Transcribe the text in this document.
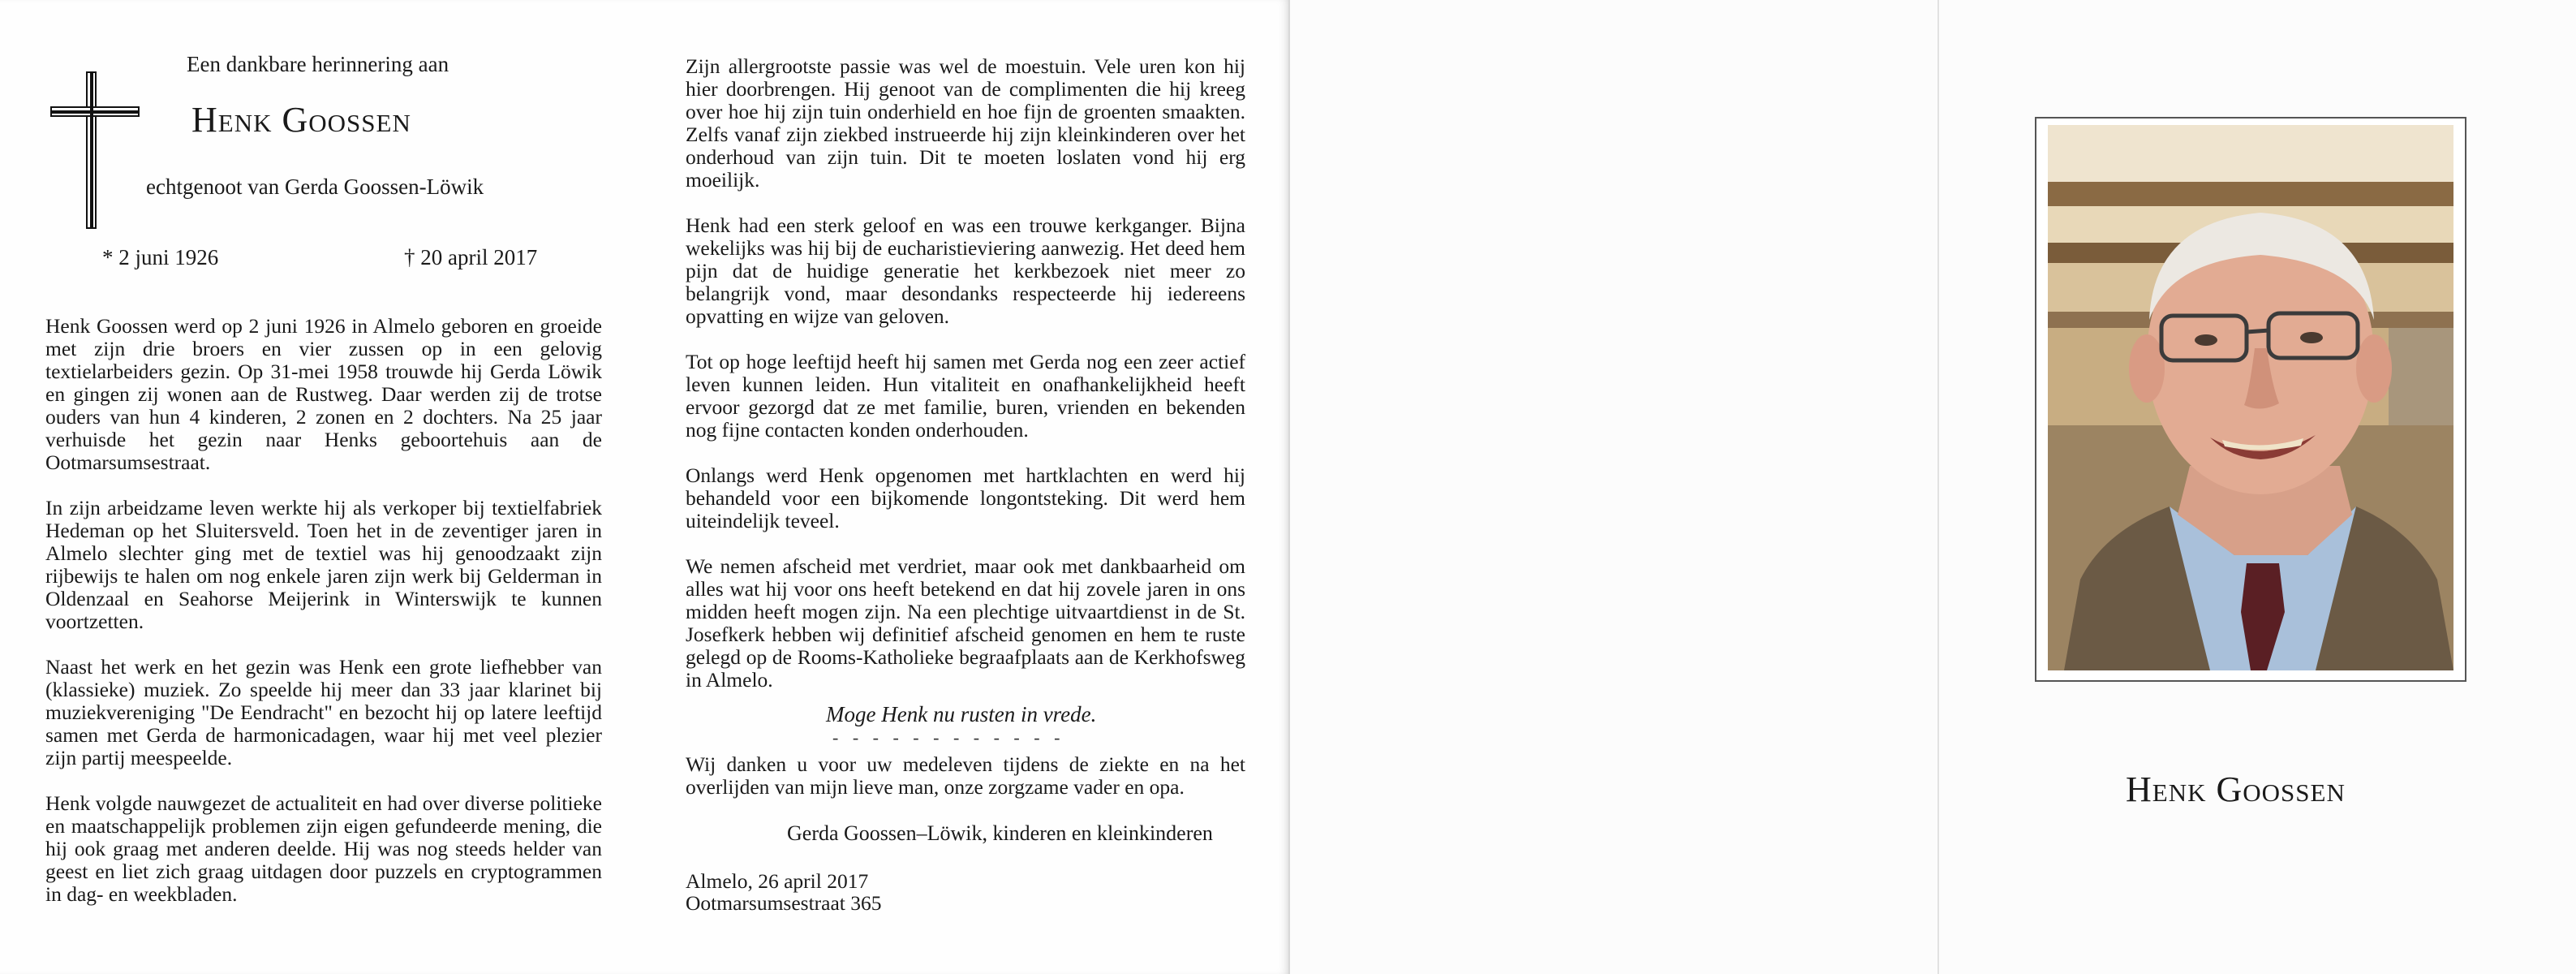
Een dankbare herinnering aan
Henk Goossen
echtgenoot van Gerda Goossen-Löwik
* 2 juni 1926	† 20 april 2017

Henk Goossen werd op 2 juni 1926 in Almelo geboren en groeide met zijn drie broers en vier zussen op in een gelovig textielarbeiders gezin. Op 31-mei 1958 trouwde hij Gerda Löwik en gingen zij wonen aan de Rustweg. Daar werden zij de trotse ouders van hun 4 kinderen, 2 zonen en 2 dochters. Na 25 jaar verhuisde het gezin naar Henks geboortehuis aan de Ootmarsumsestraat.

In zijn arbeidzame leven werkte hij als verkoper bij textielfabriek Hedeman op het Sluitersveld. Toen het in de zeventiger jaren in Almelo slechter ging met de textiel was hij genoodzaakt zijn rijbewijs te halen om nog enkele jaren zijn werk bij Gelderman in Oldenzaal en Seahorse Meijerink in Winterswijk te kunnen voortzetten.

Naast het werk en het gezin was Henk een grote liefhebber van (klassieke) muziek. Zo speelde hij meer dan 33 jaar klarinet bij muziekvereniging "De Eendracht" en bezocht hij op latere leeftijd samen met Gerda de harmonicadagen, waar hij met veel plezier zijn partij meespeelde.

Henk volgde nauwgezet de actualiteit en had over diverse politieke en maatschappelijk problemen zijn eigen gefundeerde mening, die hij ook graag met anderen deelde. Hij was nog steeds helder van geest en liet zich graag uitdagen door puzzels en cryptogrammen in dag- en weekbladen.

Zijn allergrootste passie was wel de moestuin. Vele uren kon hij hier doorbrengen. Hij genoot van de complimenten die hij kreeg over hoe hij zijn tuin onderhield en hoe fijn de groenten smaakten. Zelfs vanaf zijn ziekbed instrueerde hij zijn kleinkinderen over het onderhoud van zijn tuin. Dit te moeten loslaten vond hij erg moeilijk.

Henk had een sterk geloof en was een trouwe kerkganger. Bijna wekelijks was hij bij de eucharistieviering aanwezig. Het deed hem pijn dat de huidige generatie het kerkbezoek niet meer zo belangrijk vond, maar desondanks respecteerde hij iedereens opvatting en wijze van geloven.

Tot op hoge leeftijd heeft hij samen met Gerda nog een zeer actief leven kunnen leiden. Hun vitaliteit en onafhankelijkheid heeft ervoor gezorgd dat ze met familie, buren, vrienden en bekenden nog fijne contacten konden onderhouden.

Onlangs werd Henk opgenomen met hartklachten en werd hij behandeld voor een bijkomende longontsteking. Dit werd hem uiteindelijk teveel.

We nemen afscheid met verdriet, maar ook met dankbaarheid om alles wat hij voor ons heeft betekend en dat hij zovele jaren in ons midden heeft mogen zijn. Na een plechtige uitvaartdienst in de St. Josefkerk hebben wij definitief afscheid genomen en hem te ruste gelegd op de Rooms-Katholieke begraafplaats aan de Kerkhofsweg in Almelo.

Moge Henk nu rusten in vrede.
- - - - - - - - - - - -
Wij danken u voor uw medeleven tijdens de ziekte en na het overlijden van mijn lieve man, onze zorgzame vader en opa.
Gerda Goossen–Löwik, kinderen en kleinkinderen
Almelo, 26 april 2017
Ootmarsumsestraat 365
Henk Goossen
